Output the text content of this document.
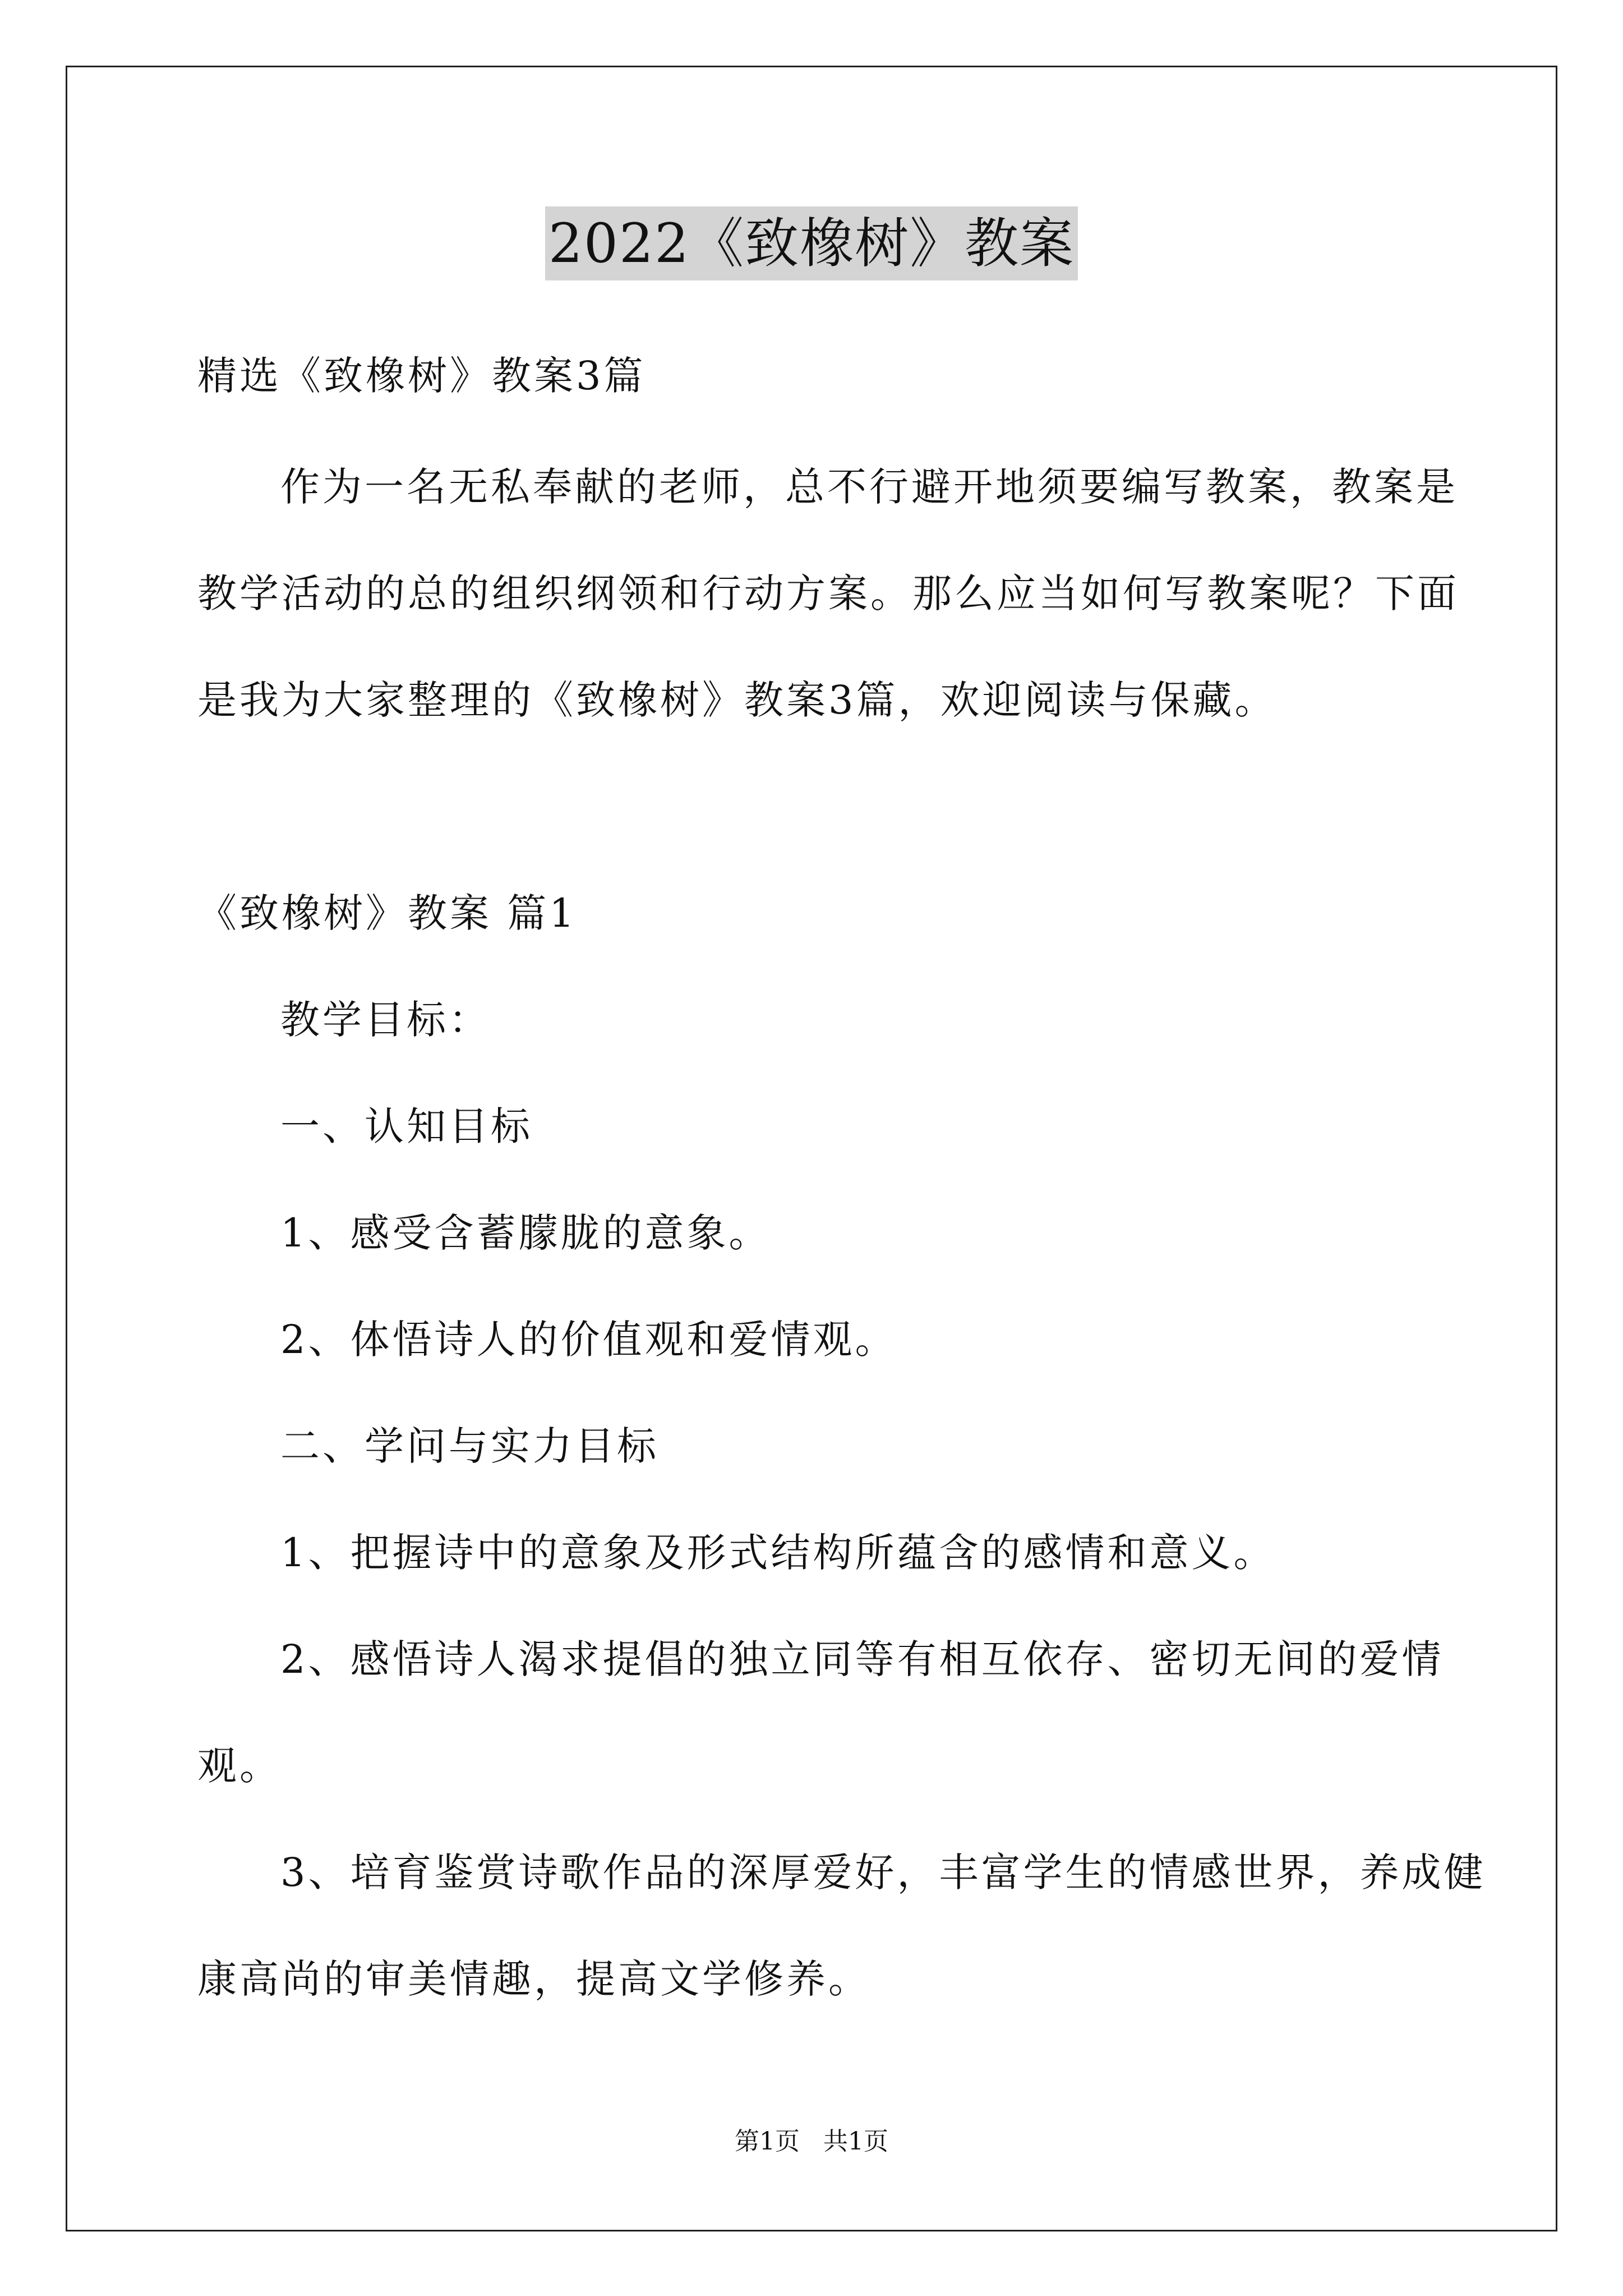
2022《致橡树》教案
精选《致橡树》教案3篇
作为一名无私奉献的老师，总不行避开地须要编写教案，教案是
教学活动的总的组织纲领和行动方案。那么应当如何写教案呢？下面
是我为大家整理的《致橡树》教案3篇，欢迎阅读与保藏。
《致橡树》教案 篇1
教学目标：
一、认知目标
1、感受含蓄朦胧的意象。
2、体悟诗人的价值观和爱情观。
二、学问与实力目标
1、把握诗中的意象及形式结构所蕴含的感情和意义。
2、感悟诗人渴求提倡的独立同等有相互依存、密切无间的爱情
观。
3、培育鉴赏诗歌作品的深厚爱好，丰富学生的情感世界，养成健
康高尚的审美情趣，提高文学修养。
第1页   共1页
